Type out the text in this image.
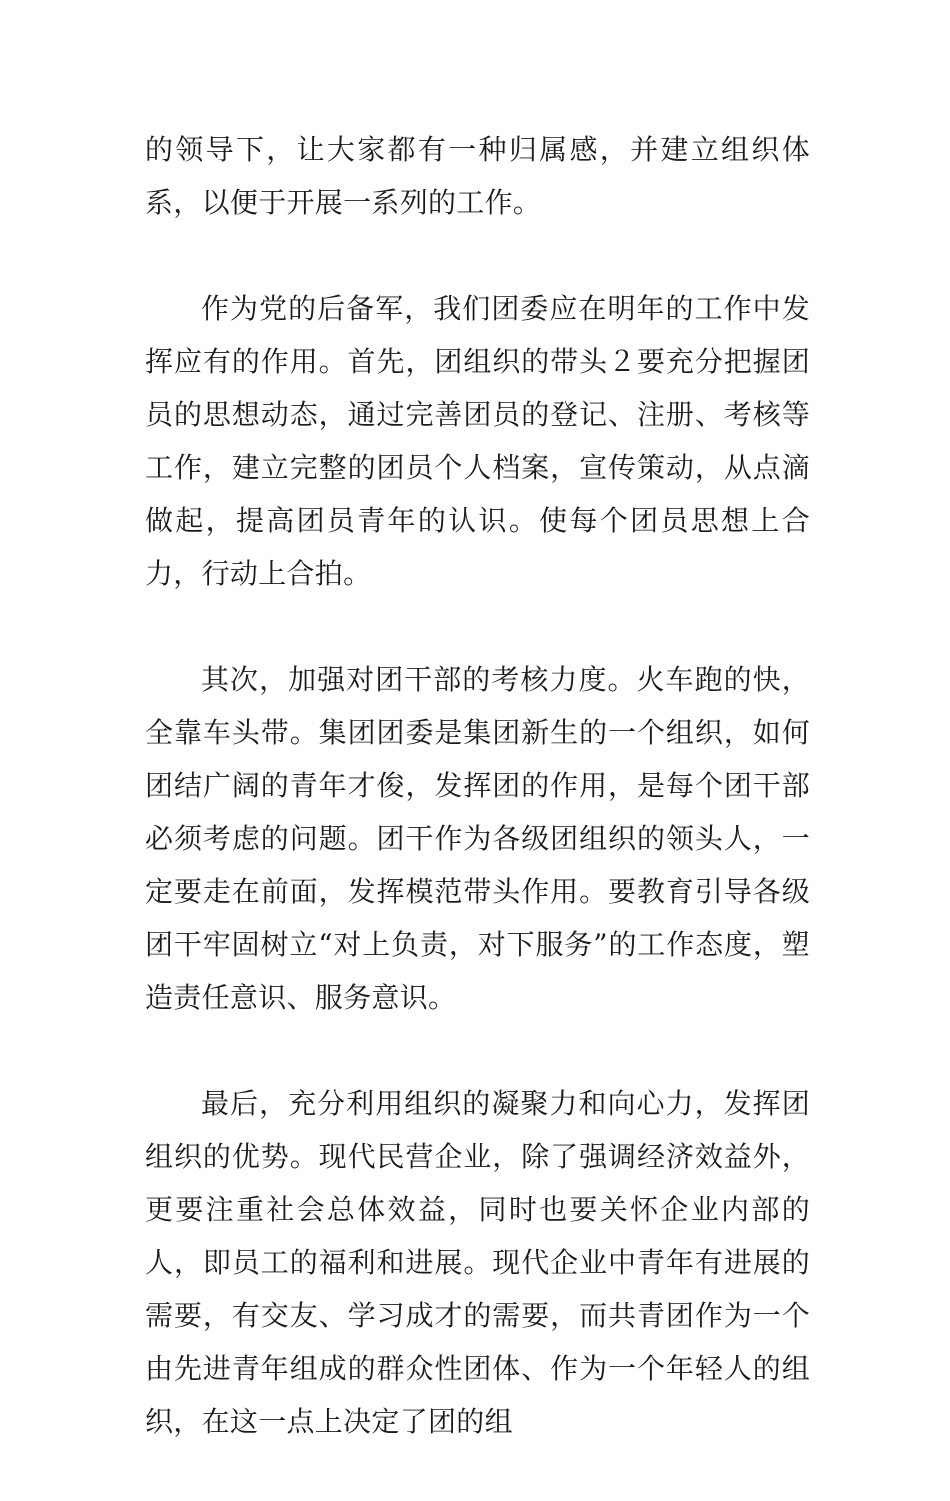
的领导下，让大家都有一种归属感，并建立组织体系，以便于开展一系列的工作。

作为党的后备军，我们团委应在明年的工作中发挥应有的作用。首先，团组织的带头２要充分把握团员的思想动态，通过完善团员的登记、注册、考核等工作，建立完整的团员个人档案，宣传策动，从点滴做起，提高团员青年的认识。使每个团员思想上合力，行动上合拍。

其次，加强对团干部的考核力度。火车跑的快，全靠车头带。集团团委是集团新生的一个组织，如何团结广阔的青年才俊，发挥团的作用，是每个团干部必须考虑的问题。团干作为各级团组织的领头人，一定要走在前面，发挥模范带头作用。要教育引导各级团干牢固树立“对上负责，对下服务”的工作态度，塑造责任意识、服务意识。

最后，充分利用组织的凝聚力和向心力，发挥团组织的优势。现代民营企业，除了强调经济效益外，更要注重社会总体效益，同时也要关怀企业内部的人，即员工的福利和进展。现代企业中青年有进展的需要，有交友、学习成才的需要，而共青团作为一个由先进青年组成的群众性团体、作为一个年轻人的组织，在这一点上决定了团的组
